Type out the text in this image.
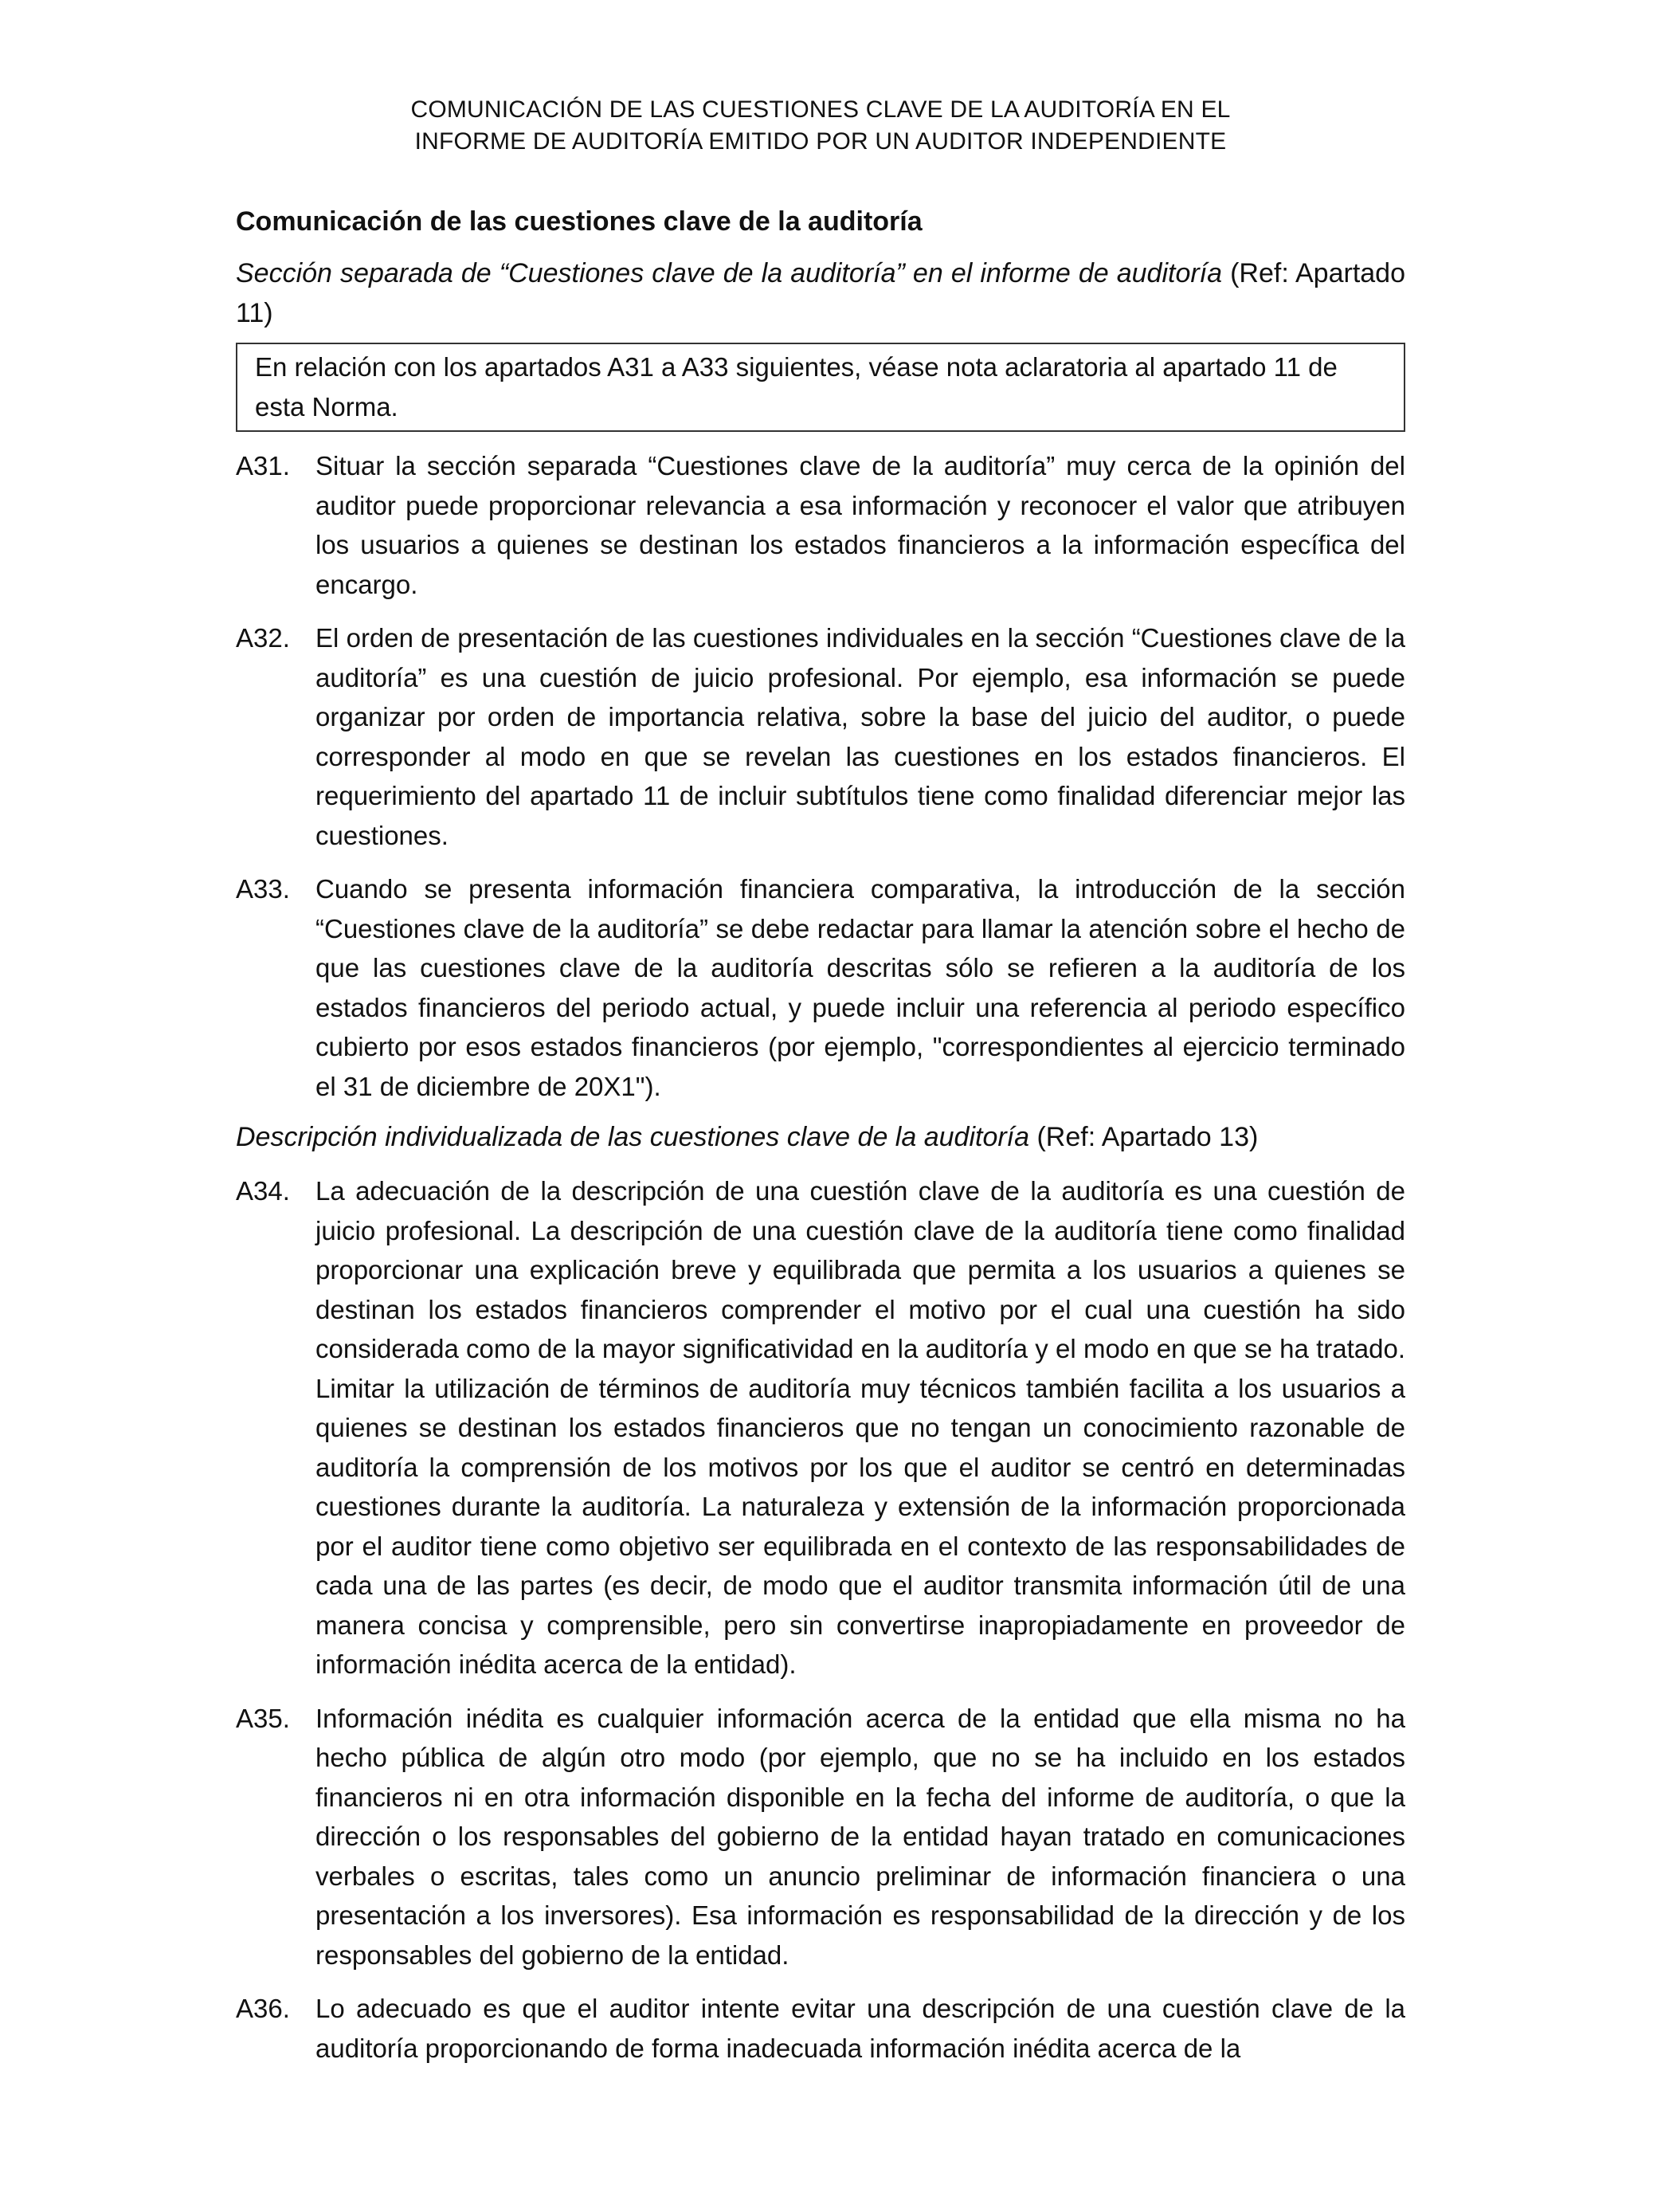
COMUNICACIÓN DE LAS CUESTIONES CLAVE DE LA AUDITORÍA EN EL
INFORME DE AUDITORÍA EMITIDO POR UN AUDITOR INDEPENDIENTE
Comunicación de las cuestiones clave de la auditoría
Sección separada de “Cuestiones clave de la auditoría” en el informe de auditoría (Ref: Apartado 11)
En relación con los apartados A31 a A33 siguientes, véase nota aclaratoria al apartado 11 de esta Norma.
A31. Situar la sección separada “Cuestiones clave de la auditoría” muy cerca de la opinión del auditor puede proporcionar relevancia a esa información y reconocer el valor que atribuyen los usuarios a quienes se destinan los estados financieros a la información específica del encargo.
A32. El orden de presentación de las cuestiones individuales en la sección “Cuestiones clave de la auditoría” es una cuestión de juicio profesional. Por ejemplo, esa información se puede organizar por orden de importancia relativa, sobre la base del juicio del auditor, o puede corresponder al modo en que se revelan las cuestiones en los estados financieros. El requerimiento del apartado 11 de incluir subtítulos tiene como finalidad diferenciar mejor las cuestiones.
A33. Cuando se presenta información financiera comparativa, la introducción de la sección “Cuestiones clave de la auditoría” se debe redactar para llamar la atención sobre el hecho de que las cuestiones clave de la auditoría descritas sólo se refieren a la auditoría de los estados financieros del periodo actual, y puede incluir una referencia al periodo específico cubierto por esos estados financieros (por ejemplo, "correspondientes al ejercicio terminado el 31 de diciembre de 20X1").
Descripción individualizada de las cuestiones clave de la auditoría (Ref: Apartado 13)
A34. La adecuación de la descripción de una cuestión clave de la auditoría es una cuestión de juicio profesional. La descripción de una cuestión clave de la auditoría tiene como finalidad proporcionar una explicación breve y equilibrada que permita a los usuarios a quienes se destinan los estados financieros comprender el motivo por el cual una cuestión ha sido considerada como de la mayor significatividad en la auditoría y el modo en que se ha tratado. Limitar la utilización de términos de auditoría muy técnicos también facilita a los usuarios a quienes se destinan los estados financieros que no tengan un conocimiento razonable de auditoría la comprensión de los motivos por los que el auditor se centró en determinadas cuestiones durante la auditoría. La naturaleza y extensión de la información proporcionada por el auditor tiene como objetivo ser equilibrada en el contexto de las responsabilidades de cada una de las partes (es decir, de modo que el auditor transmita información útil de una manera concisa y comprensible, pero sin convertirse inapropiadamente en proveedor de información inédita acerca de la entidad).
A35. Información inédita es cualquier información acerca de la entidad que ella misma no ha hecho pública de algún otro modo (por ejemplo, que no se ha incluido en los estados financieros ni en otra información disponible en la fecha del informe de auditoría, o que la dirección o los responsables del gobierno de la entidad hayan tratado en comunicaciones verbales o escritas, tales como un anuncio preliminar de información financiera o una presentación a los inversores). Esa información es responsabilidad de la dirección y de los responsables del gobierno de la entidad.
A36. Lo adecuado es que el auditor intente evitar una descripción de una cuestión clave de la auditoría proporcionando de forma inadecuada información inédita acerca de la
